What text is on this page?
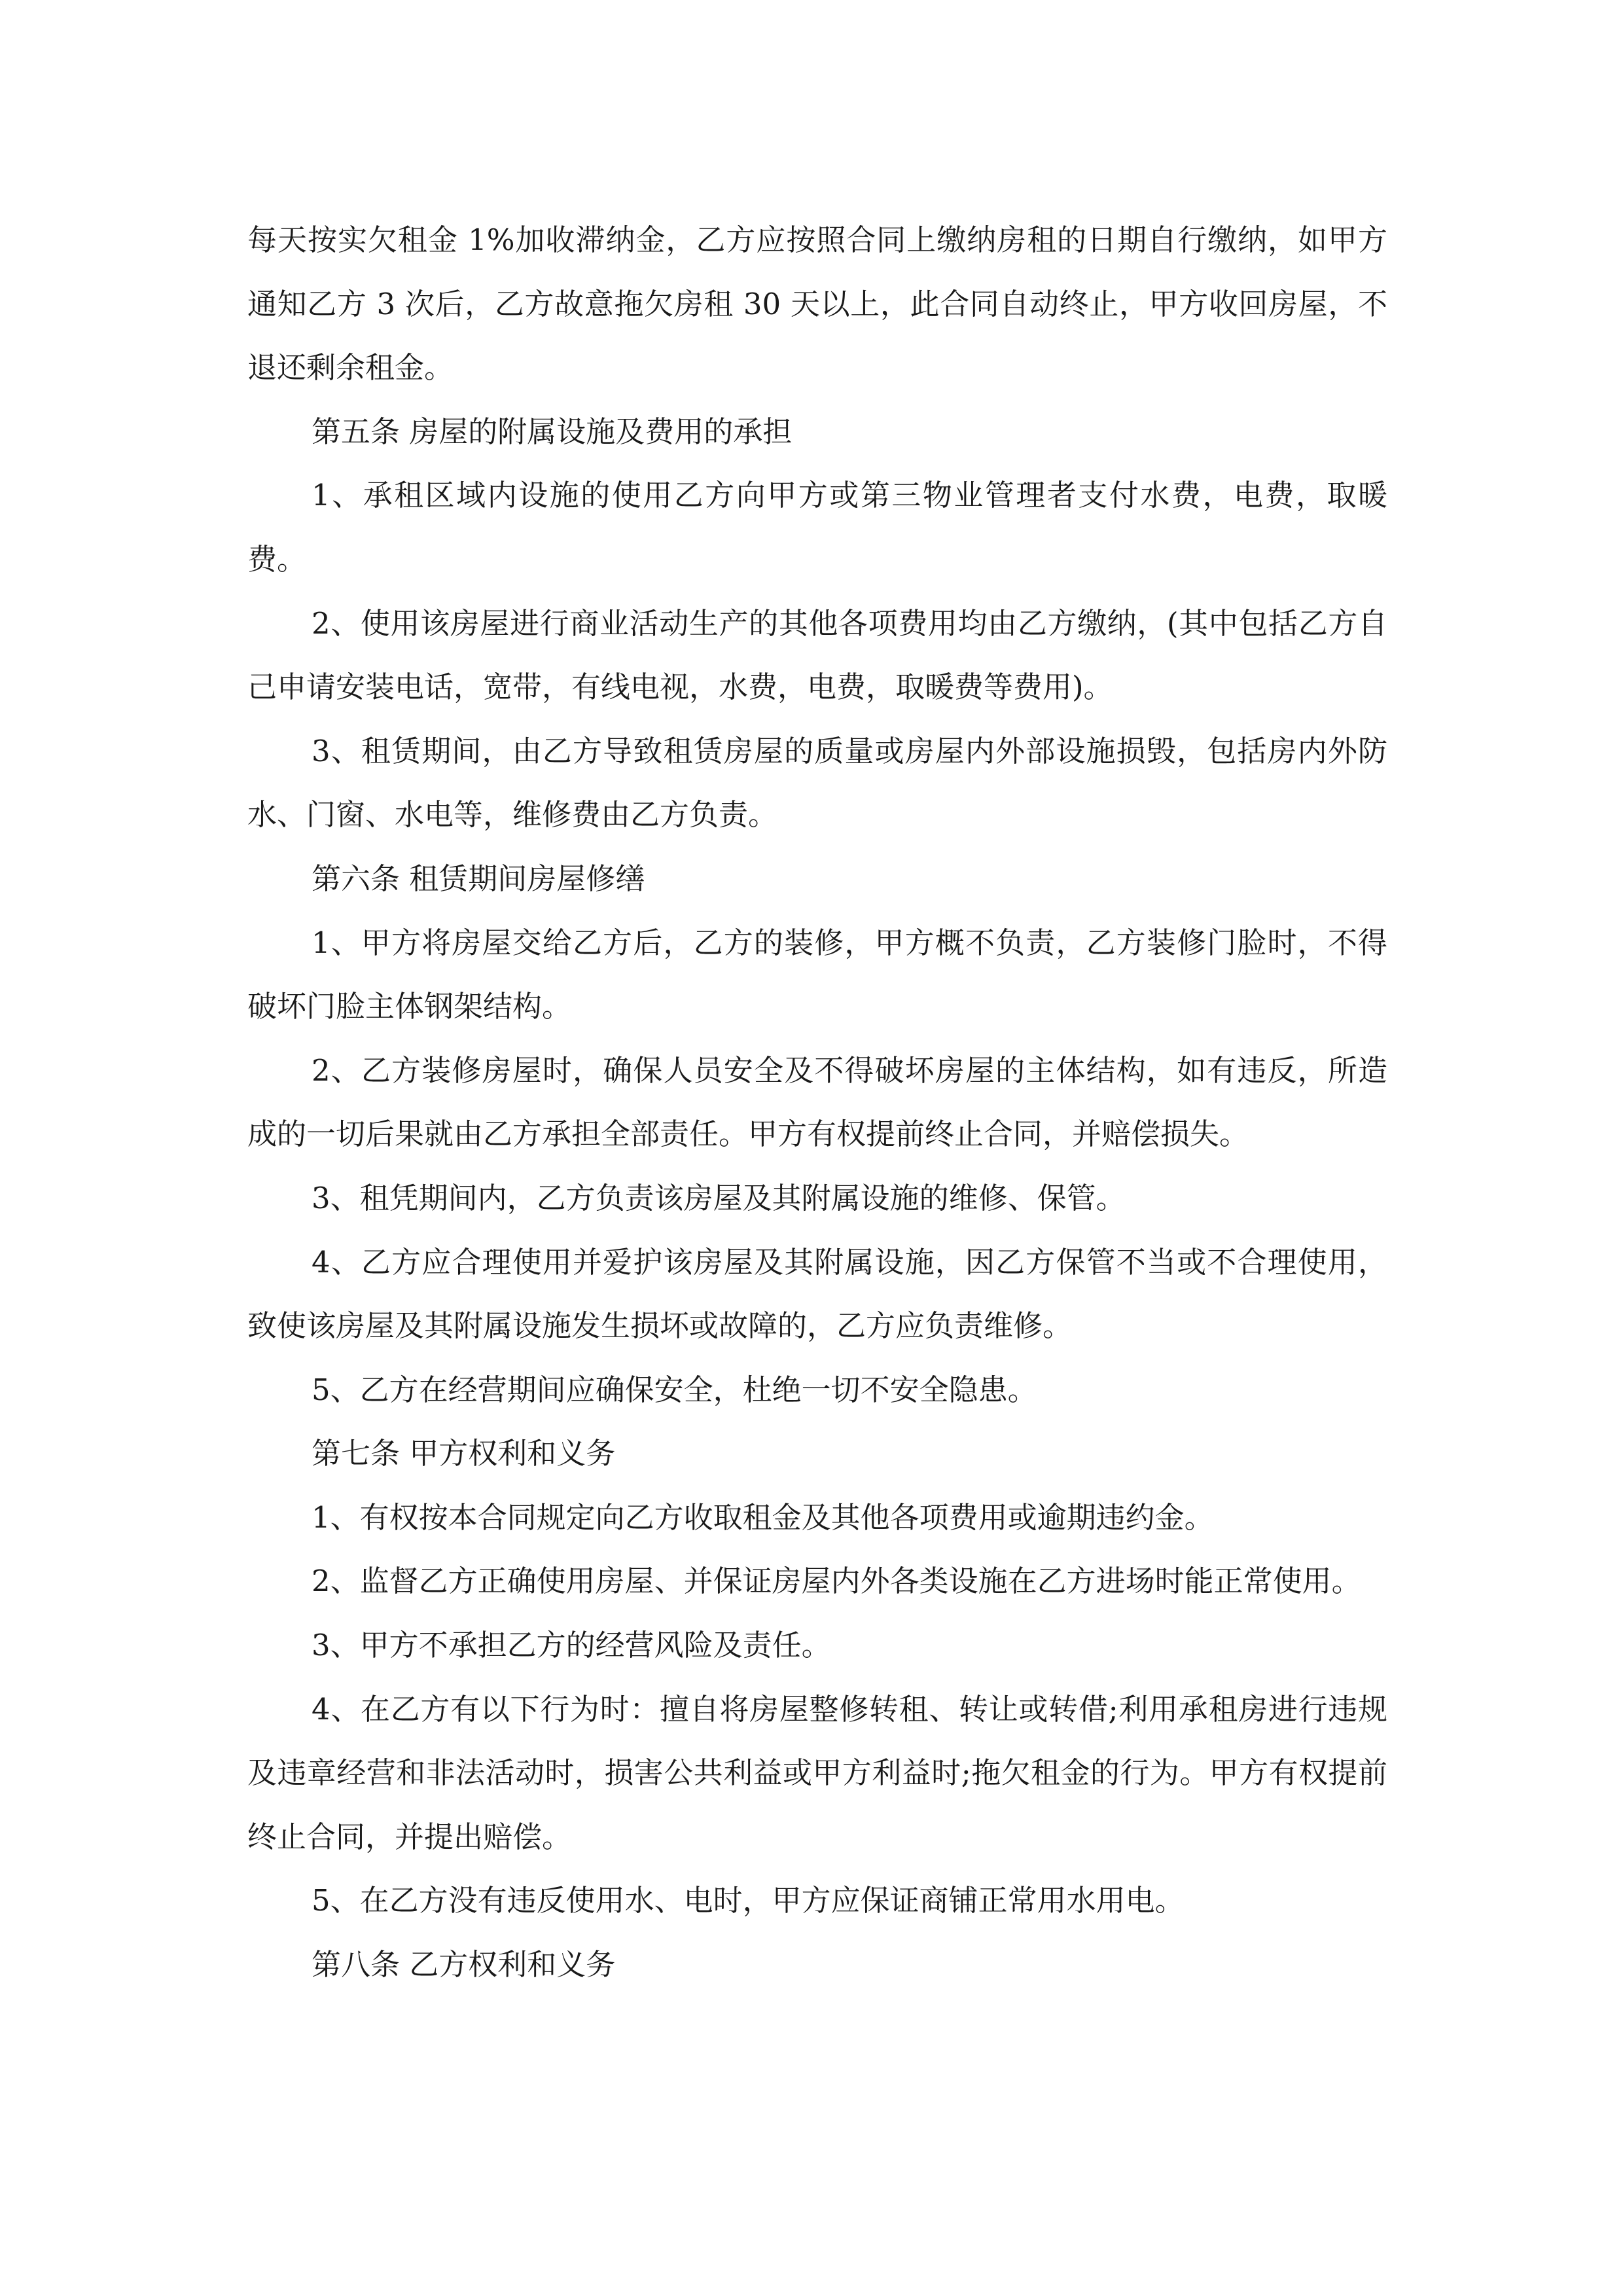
每天按实欠租金 1%加收滞纳金，乙方应按照合同上缴纳房租的日期自行缴纳，如甲方通知乙方 3 次后，乙方故意拖欠房租 30 天以上，此合同自动终止，甲方收回房屋，不退还剩余租金。

第五条 房屋的附属设施及费用的承担

1、承租区域内设施的使用乙方向甲方或第三物业管理者支付水费，电费，取暖费。

2、使用该房屋进行商业活动生产的其他各项费用均由乙方缴纳，(其中包括乙方自己申请安装电话，宽带，有线电视，水费，电费，取暖费等费用)。

3、租赁期间，由乙方导致租赁房屋的质量或房屋内外部设施损毁，包括房内外防水、门窗、水电等，维修费由乙方负责。

第六条 租赁期间房屋修缮

1、甲方将房屋交给乙方后，乙方的装修，甲方概不负责，乙方装修门脸时，不得破坏门脸主体钢架结构。

2、乙方装修房屋时，确保人员安全及不得破坏房屋的主体结构，如有违反，所造成的一切后果就由乙方承担全部责任。甲方有权提前终止合同，并赔偿损失。

3、租凭期间内，乙方负责该房屋及其附属设施的维修、保管。

4、乙方应合理使用并爱护该房屋及其附属设施，因乙方保管不当或不合理使用，致使该房屋及其附属设施发生损坏或故障的，乙方应负责维修。

5、乙方在经营期间应确保安全，杜绝一切不安全隐患。

第七条 甲方权利和义务

1、有权按本合同规定向乙方收取租金及其他各项费用或逾期违约金。

2、监督乙方正确使用房屋、并保证房屋内外各类设施在乙方进场时能正常使用。

3、甲方不承担乙方的经营风险及责任。

4、在乙方有以下行为时：擅自将房屋整修转租、转让或转借;利用承租房进行违规及违章经营和非法活动时，损害公共利益或甲方利益时;拖欠租金的行为。甲方有权提前终止合同，并提出赔偿。

5、在乙方没有违反使用水、电时，甲方应保证商铺正常用水用电。

第八条 乙方权利和义务
